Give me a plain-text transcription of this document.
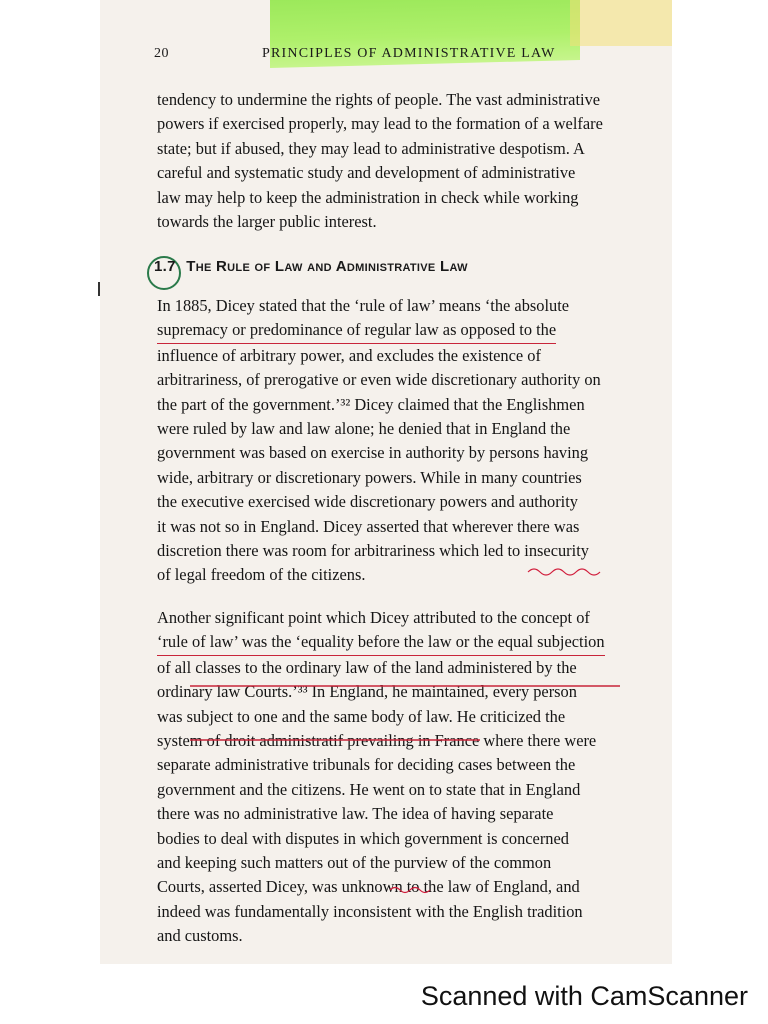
20	PRINCIPLES OF ADMINISTRATIVE LAW
tendency to undermine the rights of people. The vast administrative
powers if exercised properly, may lead to the formation of a welfare
state; but if abused, they may lead to administrative despotism. A
careful and systematic study and development of administrative
law may help to keep the administration in check while working
towards the larger public interest.
1.7 The Rule of Law and Administrative Law
In 1885, Dicey stated that the ‘rule of law’ means ‘the absolute
supremacy or predominance of regular law as opposed to the
influence of arbitrary power, and excludes the existence of
arbitrariness, of prerogative or even wide discretionary authority on
the part of the government.’³² Dicey claimed that the Englishmen
were ruled by law and law alone; he denied that in England the
government was based on exercise in authority by persons having
wide, arbitrary or discretionary powers. While in many countries
the executive exercised wide discretionary powers and authority
it was not so in England. Dicey asserted that wherever there was
discretion there was room for arbitrariness which led to insecurity
of legal freedom of the citizens.
Another significant point which Dicey attributed to the concept of
‘rule of law’ was the ‘equality before the law or the equal subjection
of all classes to the ordinary law of the land administered by the
ordinary law Courts.’³³ In England, he maintained, every person
was subject to one and the same body of law. He criticized the
system of droit administratif prevailing in France where there were
separate administrative tribunals for deciding cases between the
government and the citizens. He went on to state that in England
there was no administrative law. The idea of having separate
bodies to deal with disputes in which government is concerned
and keeping such matters out of the purview of the common
Courts, asserted Dicey, was unknown to the law of England, and
indeed was fundamentally inconsistent with the English tradition
and customs.
Scanned with CamScanner
